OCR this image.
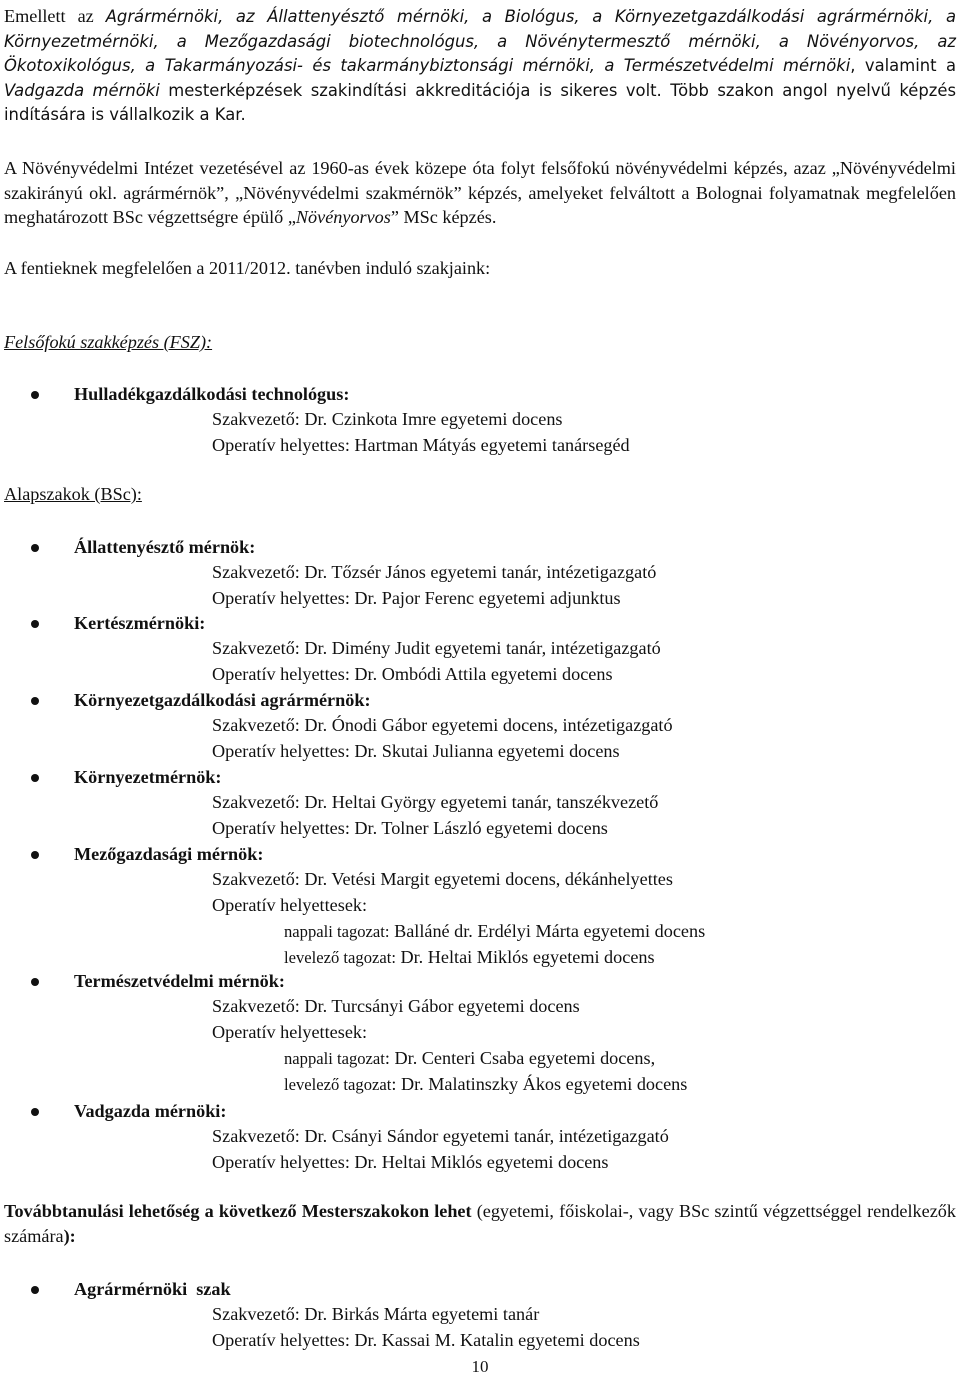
Emellett az Agrármérnöki, az Állattenyésztő mérnöki, a Biológus, a Környezetgazdálkodási agrármérnöki, a Környezetmérnöki, a Mezőgazdasági biotechnológus, a Növénytermesztő mérnöki, a Növényorvos, az Ökotoxikológus, a Takarmányozási- és takarmánybiztonsági mérnöki, a Természetvédelmi mérnöki, valamint a Vadgazda mérnöki mesterképzések szakindítási akkreditációja is sikeres volt. Több szakon angol nyelvű képzés indítására is vállalkozik a Kar.

A Növényvédelmi Intézet vezetésével az 1960-as évek közepe óta folyt felsőfokú növényvédelmi képzés, azaz „Növényvédelmi szakirányú okl. agrármérnök”, „Növényvédelmi szakmérnök” képzés, amelyeket felváltott a Bolognai folyamatnak megfelelően meghatározott BSc végzettségre épülő „Növényorvos” MSc képzés.

A fentieknek megfelelően a 2011/2012. tanévben induló szakjaink:

Felsőfokú szakképzés (FSZ):

Hulladékgazdálkodási technológus:
Szakvezető: Dr. Czinkota Imre egyetemi docens
Operatív helyettes: Hartman Mátyás egyetemi tanársegéd

Alapszakok (BSc):

Állattenyésztő mérnök:
Szakvezető: Dr. Tőzsér János egyetemi tanár, intézetigazgató
Operatív helyettes: Dr. Pajor Ferenc egyetemi adjunktus
Kertészmérnöki:
Szakvezető: Dr. Dimény Judit egyetemi tanár, intézetigazgató
Operatív helyettes: Dr. Ombódi Attila egyetemi docens
Környezetgazdálkodási agrármérnök:
Szakvezető: Dr. Ónodi Gábor egyetemi docens, intézetigazgató
Operatív helyettes: Dr. Skutai Julianna egyetemi docens
Környezetmérnök:
Szakvezető: Dr. Heltai György egyetemi tanár, tanszékvezető
Operatív helyettes: Dr. Tolner László egyetemi docens
Mezőgazdasági mérnök:
Szakvezető: Dr. Vetési Margit egyetemi docens, dékánhelyettes
Operatív helyettesek:
nappali tagozat: Balláné dr. Erdélyi Márta egyetemi docens
levelező tagozat: Dr. Heltai Miklós egyetemi docens
Természetvédelmi mérnök:
Szakvezető: Dr. Turcsányi Gábor egyetemi docens
Operatív helyettesek:
nappali tagozat: Dr. Centeri Csaba egyetemi docens,
levelező tagozat: Dr. Malatinszky Ákos egyetemi docens
Vadgazda mérnöki:
Szakvezető: Dr. Csányi Sándor egyetemi tanár, intézetigazgató
Operatív helyettes: Dr. Heltai Miklós egyetemi docens

Továbbtanulási lehetőség a következő Mesterszakokon lehet (egyetemi, főiskolai-, vagy BSc szintű végzettséggel rendelkezők számára):

Agrármérnöki  szak
Szakvezető: Dr. Birkás Márta egyetemi tanár
Operatív helyettes: Dr. Kassai M. Katalin egyetemi docens
10
